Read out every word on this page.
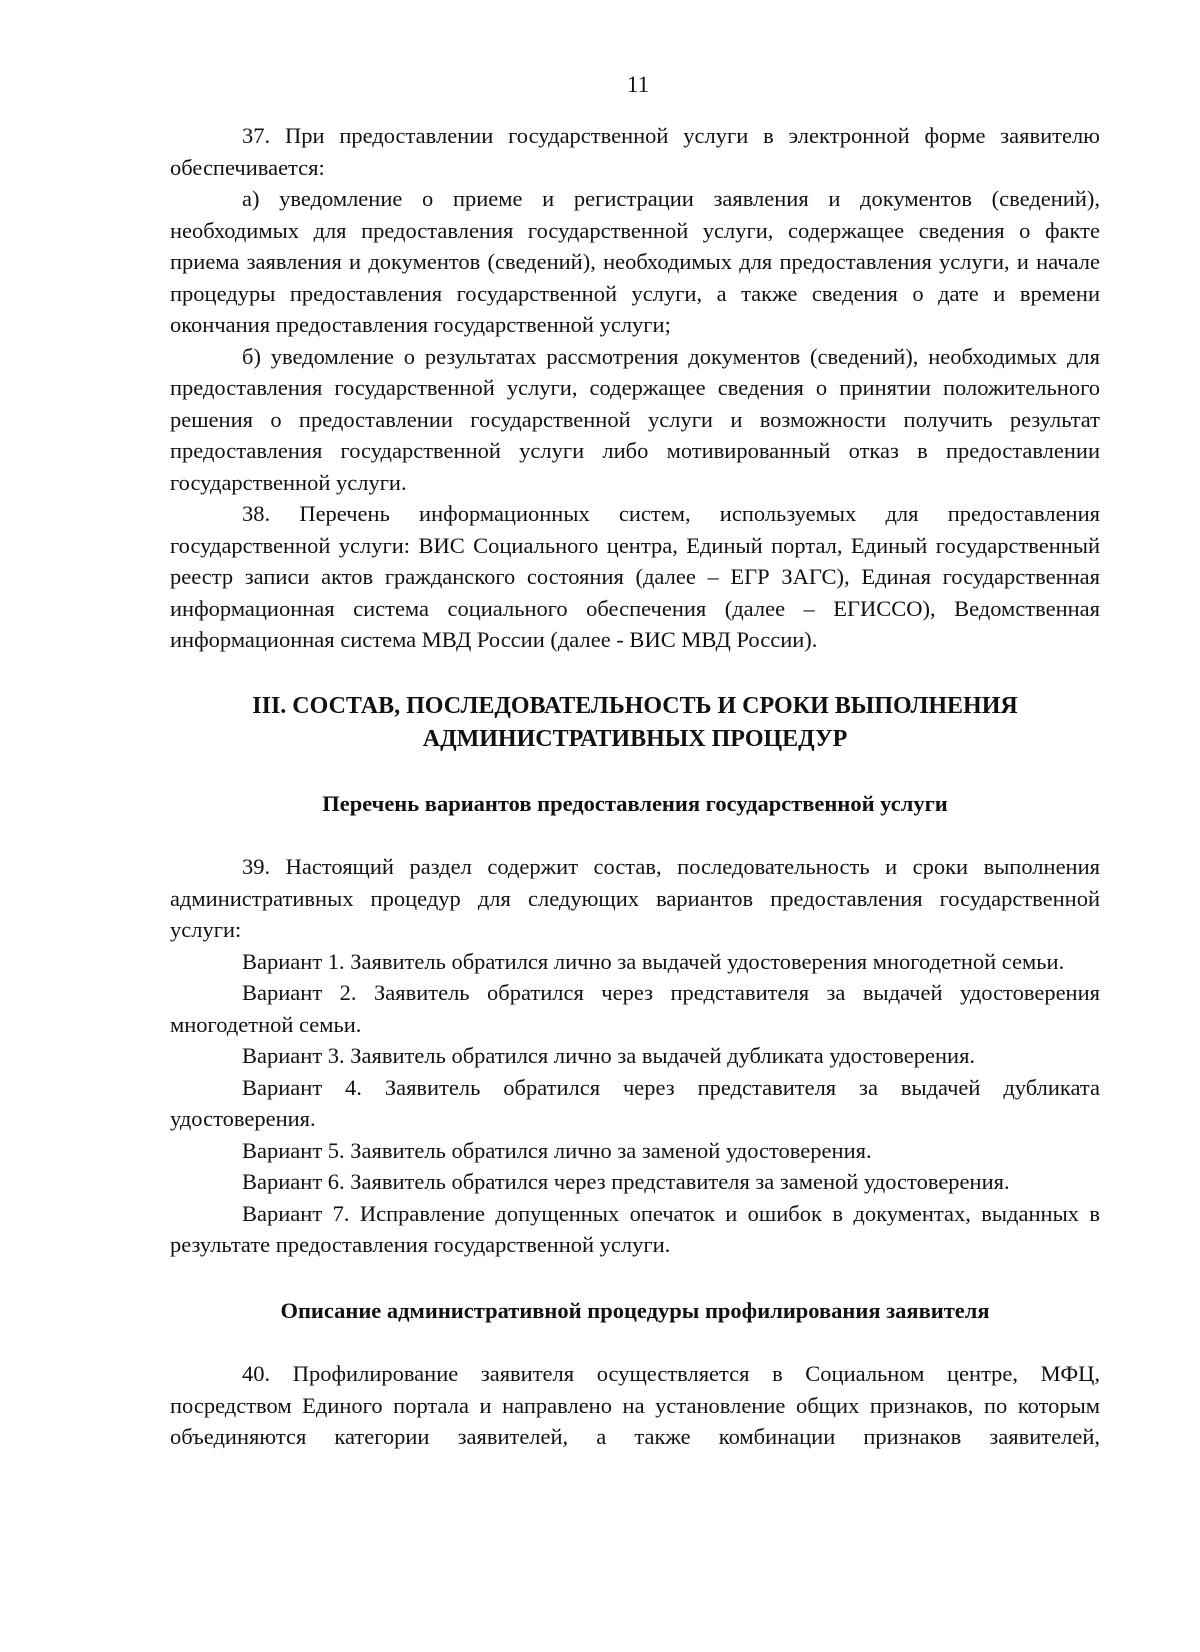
11

37. При предоставлении государственной услуги в электронной форме заявителю обеспечивается:

а) уведомление о приеме и регистрации заявления и документов (сведений), необходимых для предоставления государственной услуги, содержащее сведения о факте приема заявления и документов (сведений), необходимых для предоставления услуги, и начале процедуры предоставления государственной услуги, а также сведения о дате и времени окончания предоставления государственной услуги;

б) уведомление о результатах рассмотрения документов (сведений), необходимых для предоставления государственной услуги, содержащее сведения о принятии положительного решения о предоставлении государственной услуги и возможности получить результат предоставления государственной услуги либо мотивированный отказ в предоставлении государственной услуги.

38. Перечень информационных систем, используемых для предоставления государственной услуги: ВИС Социального центра, Единый портал, Единый государственный реестр записи актов гражданского состояния (далее – ЕГР ЗАГС), Единая государственная информационная система социального обеспечения (далее – ЕГИССО), Ведомственная информационная система МВД России (далее - ВИС МВД России).

III. СОСТАВ, ПОСЛЕДОВАТЕЛЬНОСТЬ И СРОКИ ВЫПОЛНЕНИЯ

АДМИНИСТРАТИВНЫХ ПРОЦЕДУР

Перечень вариантов предоставления государственной услуги

39. Настоящий раздел содержит состав, последовательность и сроки выполнения административных процедур для следующих вариантов предоставления государственной услуги:

Вариант 1. Заявитель обратился лично за выдачей удостоверения многодетной семьи.

Вариант 2. Заявитель обратился через представителя за выдачей удостоверения многодетной семьи.

Вариант 3. Заявитель обратился лично за выдачей дубликата удостоверения.

Вариант 4. Заявитель обратился через представителя за выдачей дубликата удостоверения.

Вариант 5. Заявитель обратился лично за заменой удостоверения.

Вариант 6. Заявитель обратился через представителя за заменой удостоверения.

Вариант 7. Исправление допущенных опечаток и ошибок в документах, выданных в результате предоставления государственной услуги.

Описание административной процедуры профилирования заявителя

40. Профилирование заявителя осуществляется в Социальном центре, МФЦ, посредством Единого портала и направлено на установление общих признаков, по которым объединяются категории заявителей, а также комбинации признаков заявителей,
